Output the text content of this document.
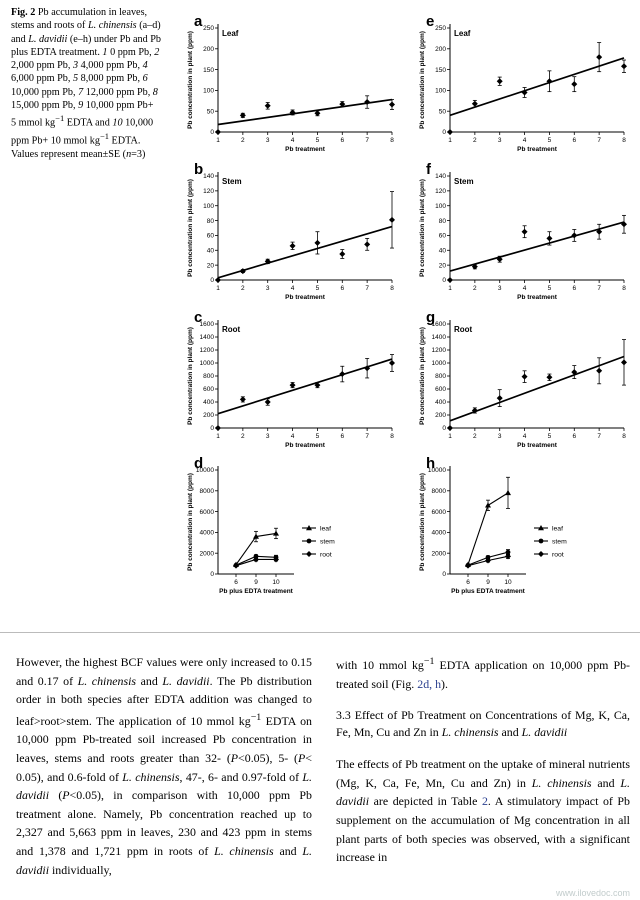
Fig. 2 Pb accumulation in leaves, stems and roots of L. chinensis (a–d) and L. davidii (e–h) under Pb and Pb plus EDTA treatment. 1 0 ppm Pb, 2 2,000 ppm Pb, 3 4,000 ppm Pb, 4 6,000 ppm Pb, 5 8,000 ppm Pb, 6 10,000 ppm Pb, 7 12,000 ppm Pb, 8 15,000 ppm Pb, 9 10,000 ppm Pb+ 5 mmol $kg^{-1}$ EDTA and 10 10,000 ppm Pb+ 10 mmol $kg^{-1}$ EDTA. Values represent mean±SE (n=3)
0
50
100
150
200
250
1	2	3	4	5	6	7	8
Pb treatment
Pb concentration in plant (ppm)
a
Leaf
0
50
100
150
200
250
1	2	3	4	5	6	7	8
Pb treatment
Pb concentration in plant (ppm)
e
Leaf
0
20
40
60
80
100
120
140
1	2	3	4	5	6	7	8
Pb treatment
Pb concentration in plant (ppm)
b
Stem
0
20
40
60
80
100
120
140
1	2	3	4	5	6	7	8
Pb treatment
Pb concentration in plant (ppm)
f
Stem
0
200
400
600
800
1000
1200
1400
1600
1	2	3	4	5	6	7	8
Pb treatment
Pb concentration in plant (ppm)
c
Root
0
200
400
600
800
1000
1200
1400
1600
1	2	3	4	5	6	7	8
Pb treatment
Pb concentration in plant (ppm)
g
Root
0
2000
4000
6000
8000
10000
6	9 10
Pb plus EDTA treatment
Pb concentration in plant (ppm)
d
leaf
stem
root
0
2000
4000
6000
8000
10000
6	9 10
Pb plus EDTA treatment
Pb concentration in plant (ppm)
h
leaf
stem
root

However, the highest BCF values were only increased to 0.15 and 0.17 of L. chinensis and L. davidii. The Pb distribution order in both species after EDTA addition was changed to leaf>root>stem. The application of 10 mmol $kg^{-1}$ EDTA on 10,000 ppm Pb-treated soil increased Pb concentration in leaves, stems and roots greater than 32- (P<0.05), 5- (P< 0.05), and 0.6-fold of L. chinensis, 47-, 6- and 0.97-fold of L. davidii (P<0.05), in comparison with 10,000 ppm Pb treatment alone. Namely, Pb concentration reached up to 2,327 and 5,663 ppm in leaves, 230 and 423 ppm in stems and 1,378 and 1,721 ppm in roots of L. chinensis and L. davidii individually,

with 10 mmol $kg^{-1}$ EDTA application on 10,000 ppm Pb-treated soil (Fig. 2d, h).

3.3 Effect of Pb Treatment on Concentrations of Mg, K, Ca, Fe, Mn, Cu and Zn in L. chinensis and L. davidii

The effects of Pb treatment on the uptake of mineral nutrients (Mg, K, Ca, Fe, Mn, Cu and Zn) in L. chinensis and L. davidii are depicted in Table 2. A stimulatory impact of Pb supplement on the accumulation of Mg concentration in all plant parts of both species was observed, with a significant increase in

www.ilovedoc.com
